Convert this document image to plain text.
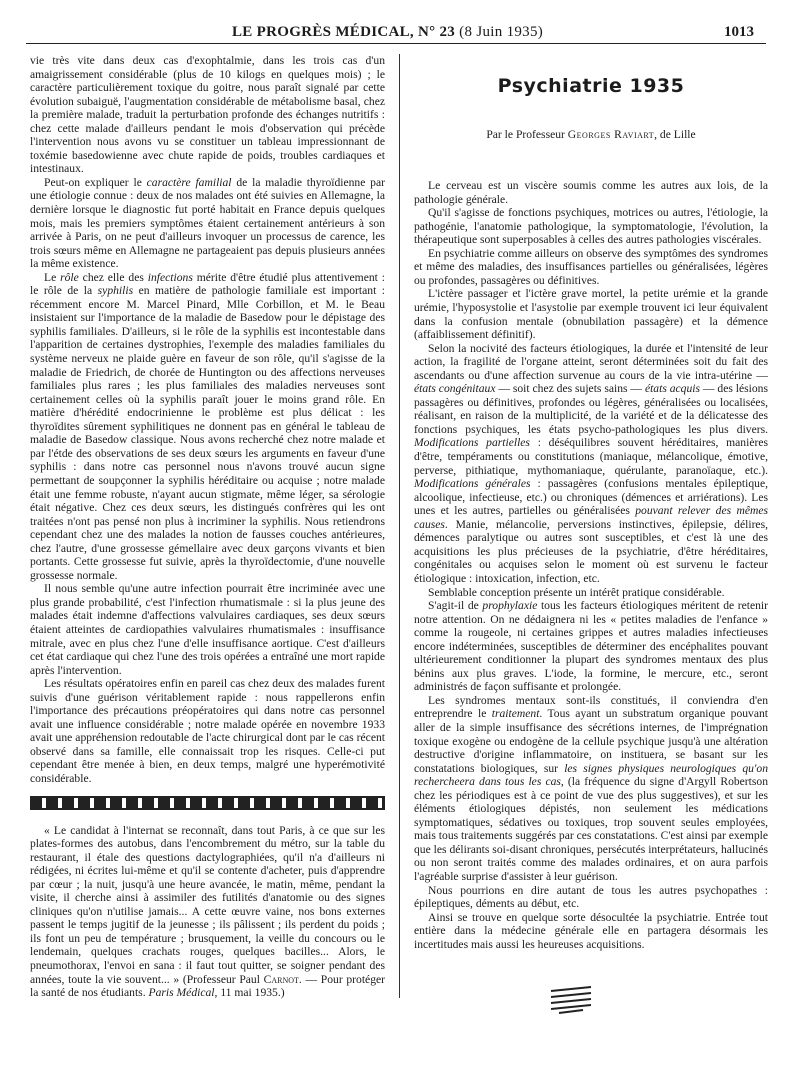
LE PROGRÈS MÉDICAL, N° 23 (8 Juin 1935)	1013

vie très vite dans deux cas d'exophtalmie, dans les trois cas d'un amaigrissement considérable (plus de 10 kilogs en quelques mois) ; le caractère particulièrement toxique du goitre, nous paraît signalé par cette évolution subaiguë, l'augmentation considérable de métabolisme basal, chez la première malade, traduit la perturbation profonde des échanges nutritifs : chez cette malade d'ailleurs pendant le mois d'observation qui précède l'intervention nous avons vu se constituer un tableau impressionnant de toxémie basedowienne avec chute rapide de poids, troubles cardiaques et intestinaux.

Peut-on expliquer le caractère familial de la maladie thyroïdienne par une étiologie connue : deux de nos malades ont été suivies en Allemagne, la dernière lorsque le diagnostic fut porté habitait en France depuis quelques mois, mais les premiers symptômes étaient certainement antérieurs à son arrivée à Paris, on ne peut d'ailleurs invoquer un processus de carence, les trois sœurs même en Allemagne ne partageaient pas depuis plusieurs années la même existence.

Le rôle chez elle des infections mérite d'être étudié plus attentivement : le rôle de la syphilis en matière de pathologie familiale est important : récemment encore M. Marcel Pinard, Mlle Corbillon, et M. le Beau insistaient sur l'importance de la maladie de Basedow pour le dépistage des syphilis familiales. D'ailleurs, si le rôle de la syphilis est incontestable dans l'apparition de certaines dystrophies, l'exemple des maladies familiales du système nerveux ne plaide guère en faveur de son rôle, qu'il s'agisse de la maladie de Friedrich, de chorée de Huntington ou des affections nerveuses familiales plus rares ; les plus familiales des maladies nerveuses sont certainement celles où la syphilis paraît jouer le moins grand rôle. En matière d'hérédité endocrinienne le problème est plus délicat : les thyroïdites sûrement syphilitiques ne donnent pas en général le tableau de maladie de Basedow classique. Nous avons recherché chez notre malade et par l'étde des observations de ses deux sœurs les arguments en faveur d'une syphilis : dans notre cas personnel nous n'avons trouvé aucun signe permettant de soupçonner la syphilis héréditaire ou acquise ; notre malade était une femme robuste, n'ayant aucun stigmate, même léger, sa sérologie était négative. Chez ces deux sœurs, les distingués confrères qui les ont traitées n'ont pas pensé non plus à incriminer la syphilis. Nous retiendrons cependant chez une des malades la notion de fausses couches antérieures, chez l'autre, d'une grossesse gémellaire avec deux garçons vivants et bien portants. Cette grossesse fut suivie, après la thyroïdectomie, d'une nouvelle grossesse normale.

Il nous semble qu'une autre infection pourrait être incriminée avec une plus grande probabilité, c'est l'infection rhumatismale : si la plus jeune des malades était indemne d'affections valvulaires cardiaques, ses deux sœurs étaient atteintes de cardiopathies valvulaires rhumatismales : insuffisance mitrale, avec en plus chez l'une d'elle insuffisance aortique. C'est d'ailleurs cet état cardiaque qui chez l'une des trois opérées a entraîné une mort rapide après l'intervention.

Les résultats opératoires enfin en pareil cas chez deux des malades furent suivis d'une guérison véritablement rapide : nous rappellerons enfin l'importance des précautions préopératoires qui dans notre cas personnel avait une influence considérable ; notre malade opérée en novembre 1933 avait une appréhension redoutable de l'acte chirurgical dont par le cas récent observé dans sa famille, elle connaissait trop les risques. Celle-ci put cependant être menée à bien, en deux temps, malgré une hyperémotivité considérable.

« Le candidat à l'internat se reconnaît, dans tout Paris, à ce que sur les plates-formes des autobus, dans l'encombrement du métro, sur la table du restaurant, il étale des questions dactylographiées, qu'il n'a d'ailleurs ni rédigées, ni écrites lui-même et qu'il se contente d'acheter, puis d'apprendre par cœur ; la nuit, jusqu'à une heure avancée, le matin, même, pendant la visite, il cherche ainsi à assimiler des futilités d'anatomie ou des signes cliniques qu'on n'utilise jamais... A cette œuvre vaine, nos bons externes passent le temps jugitif de la jeunesse ; ils pâlissent ; ils perdent du poids ; ils font un peu de température ; brusquement, la veille du concours ou le lendemain, quelques crachats rouges, quelques bacilles... Alors, le pneumothorax, l'envoi en sana : il faut tout quitter, se soigner pendant des années, toute la vie souvent... » (Professeur Paul Carnot. — Pour protéger la santé de nos étudiants. Paris Médical, 11 mai 1935.)

Psychiatrie 1935
Par le Professeur Georges Raviart, de Lille

Le cerveau est un viscère soumis comme les autres aux lois, de la pathologie générale.

Qu'il s'agisse de fonctions psychiques, motrices ou autres, l'étiologie, la pathogénie, l'anatomie pathologique, la symptomatologie, l'évolution, la thérapeutique sont superposables à celles des autres pathologies viscérales.

En psychiatrie comme ailleurs on observe des symptômes des syndromes et même des maladies, des insuffisances partielles ou généralisées, légères ou profondes, passagères ou définitives.

L'ictère passager et l'ictère grave mortel, la petite urémie et la grande urémie, l'hyposystolie et l'asystolie par exemple trouvent ici leur équivalent dans la confusion mentale (obnubilation passagère) et la démence (affaiblissement définitif).

Selon la nocivité des facteurs étiologiques, la durée et l'intensité de leur action, la fragilité de l'organe atteint, seront déterminées soit du fait des ascendants ou d'une affection survenue au cours de la vie intra-utérine — états congénitaux — soit chez des sujets sains — états acquis — des lésions passagères ou définitives, profondes ou légères, généralisées ou localisées, réalisant, en raison de la multiplicité, de la variété et de la délicatesse des fonctions psychiques, les états psycho-pathologiques les plus divers. Modifications partielles : déséquilibres souvent héréditaires, manières d'être, tempéraments ou constitutions (maniaque, mélancolique, émotive, perverse, pithiatique, mythomaniaque, quérulante, paranoïaque, etc.). Modifications générales : passagères (confusions mentales épileptique, alcoolique, infectieuse, etc.) ou chroniques (démences et arriérations). Les unes et les autres, partielles ou généralisées pouvant relever des mêmes causes. Manie, mélancolie, perversions instinctives, épilepsie, délires, démences paralytique ou autres sont susceptibles, et c'est là une des acquisitions les plus précieuses de la psychiatrie, d'être héréditaires, congénitales ou acquises selon le moment où est survenu le facteur étiologique : intoxication, infection, etc.

Semblable conception présente un intérêt pratique considérable.

S'agit-il de prophylaxie tous les facteurs étiologiques méritent de retenir notre attention. On ne dédaignera ni les « petites maladies de l'enfance » comme la rougeole, ni certaines grippes et autres maladies infectieuses encore indéterminées, susceptibles de déterminer des encéphalites pouvant ultérieurement conditionner la plupart des syndromes mentaux des plus bénins aux plus graves. L'iode, la formine, le mercure, etc., seront administrés de façon suffisante et prolongée.

Les syndromes mentaux sont-ils constitués, il conviendra d'en entreprendre le traitement. Tous ayant un substratum organique pouvant aller de la simple insuffisance des sécrétions internes, de l'imprégnation toxique exogène ou endogène de la cellule psychique jusqu'à une altération destructive d'origine inflammatoire, on instituera, se basant sur les constatations biologiques, sur les signes physiques neurologiques qu'on rechercheera dans tous les cas, (la fréquence du signe d'Argyll Robertson chez les périodiques est à ce point de vue des plus suggestives), et sur les éléments étiologiques dépistés, non seulement les médications symptomatiques, sédatives ou toxiques, trop souvent seules employées, mais tous traitements suggérés par ces constatations. C'est ainsi par exemple que les délirants soi-disant chroniques, persécutés interprétateurs, hallucinés ou non seront traités comme des malades ordinaires, et on aura parfois l'agréable surprise d'assister à leur guérison.

Nous pourrions en dire autant de tous les autres psychopathes : épileptiques, déments au début, etc.

Ainsi se trouve en quelque sorte désocultée la psychiatrie. Entrée tout entière dans la médecine générale elle en partagera désormais les incertitudes mais aussi les heureuses acquisitions.
